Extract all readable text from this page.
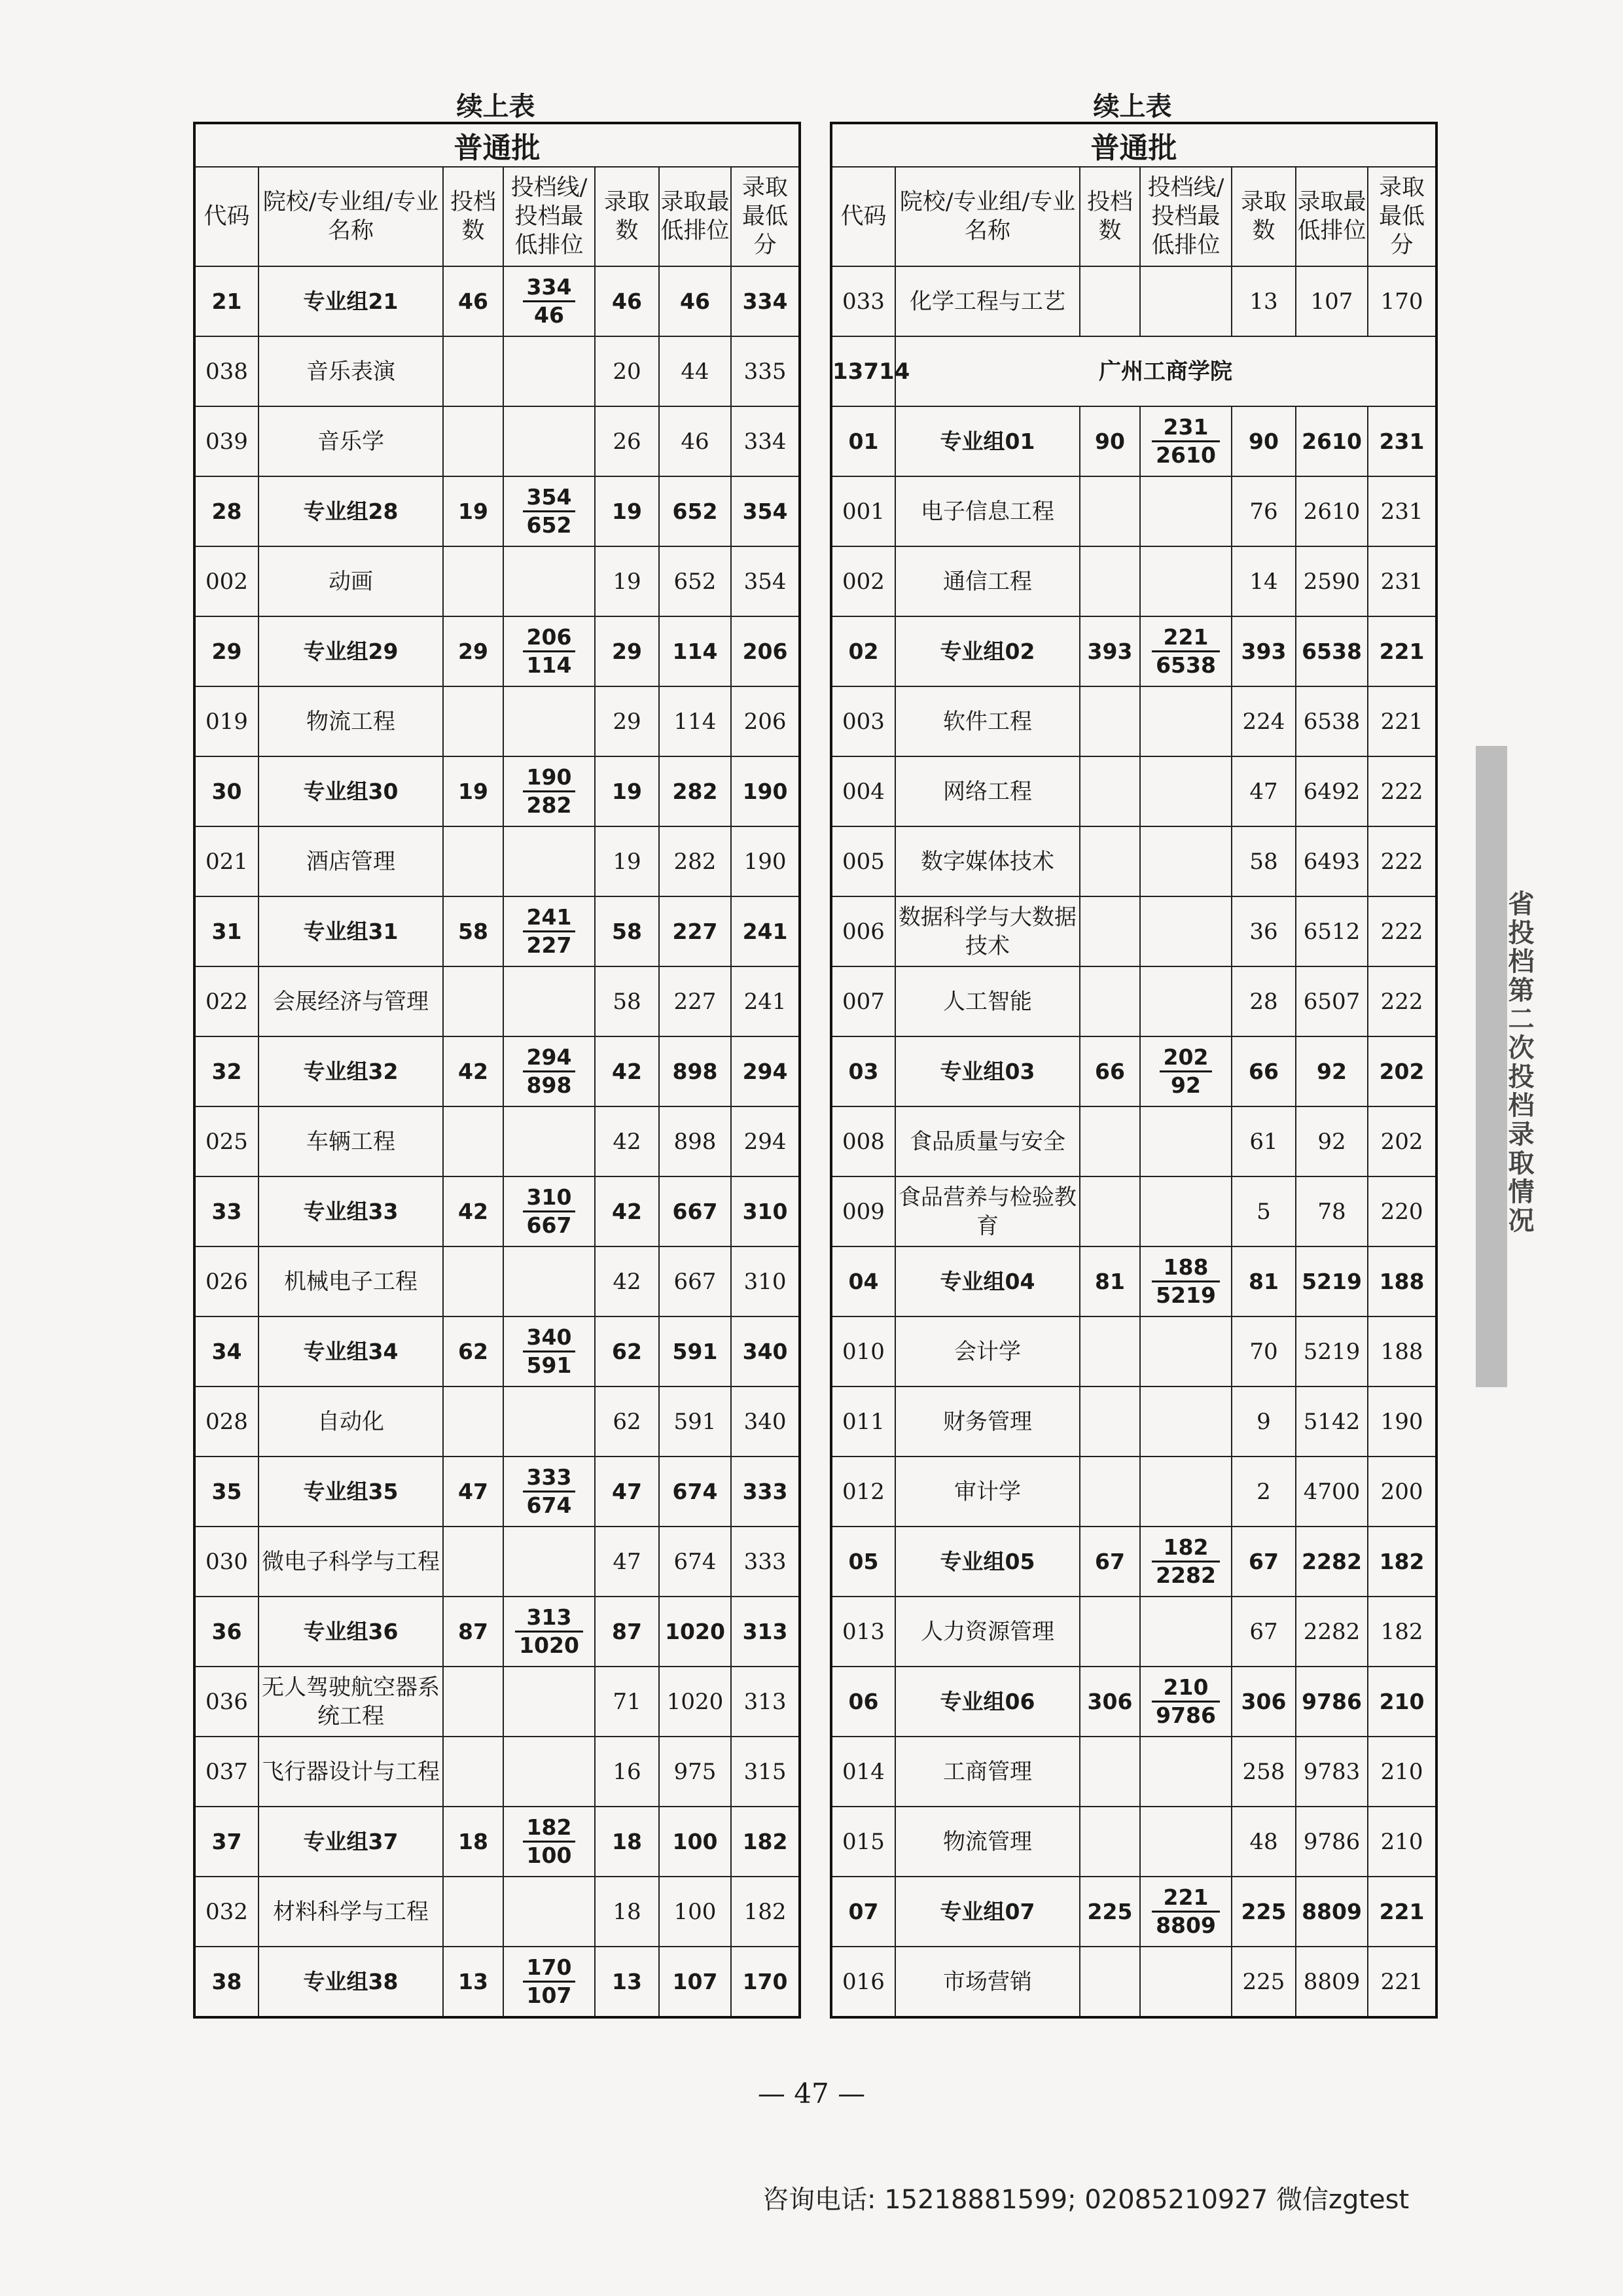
续上表
普通批						
代码	院校/专业组/专业名称	投档数	投档线/投档最低排位	录取数	录取最低排位	录取最低分
21	专业组21	46	$\frac{334}{46}$	46	46	334
038	音乐表演			20	44	335
039	音乐学			26	46	334
28	专业组28	19	$\frac{354}{652}$	19	652	354
002	动画			19	652	354
29	专业组29	29	$\frac{206}{114}$	29	114	206
019	物流工程			29	114	206
30	专业组30	19	$\frac{190}{282}$	19	282	190
021	酒店管理			19	282	190
31	专业组31	58	$\frac{241}{227}$	58	227	241
022	会展经济与管理			58	227	241
32	专业组32	42	$\frac{294}{898}$	42	898	294
025	车辆工程			42	898	294
33	专业组33	42	$\frac{310}{667}$	42	667	310
026	机械电子工程			42	667	310
34	专业组34	62	$\frac{340}{591}$	62	591	340
028	自动化			62	591	340
35	专业组35	47	$\frac{333}{674}$	47	674	333
030	微电子科学与工程			47	674	333
36	专业组36	87	$\frac{313}{1020}$	87	1020	313
036	无人驾驶航空器系统工程			71	1020	313
037	飞行器设计与工程			16	975	315
37	专业组37	18	$\frac{182}{100}$	18	100	182
032	材料科学与工程			18	100	182
38	专业组38	13	$\frac{170}{107}$	13	107	170
续上表
普通批						
代码	院校/专业组/专业名称	投档数	投档线/投档最低排位	录取数	录取最低排位	录取最低分
033	化学工程与工艺			13	107	170
13714	广州工商学院					
01	专业组01	90	$\frac{231}{2610}$	90	2610	231
001	电子信息工程			76	2610	231
002	通信工程			14	2590	231
02	专业组02	393	$\frac{221}{6538}$	393	6538	221
003	软件工程			224	6538	221
004	网络工程			47	6492	222
005	数字媒体技术			58	6493	222
006	数据科学与大数据技术			36	6512	222
007	人工智能			28	6507	222
03	专业组03	66	$\frac{202}{92}$	66	92	202
008	食品质量与安全			61	92	202
009	食品营养与检验教育			5	78	220
04	专业组04	81	$\frac{188}{5219}$	81	5219	188
010	会计学			70	5219	188
011	财务管理			9	5142	190
012	审计学			2	4700	200
05	专业组05	67	$\frac{182}{2282}$	67	2282	182
013	人力资源管理			67	2282	182
06	专业组06	306	$\frac{210}{9786}$	306	9786	210
014	工商管理			258	9783	210
015	物流管理			48	9786	210
07	专业组07	225	$\frac{221}{8809}$	225	8809	221
016	市场营销			225	8809	221
省投档第二次投档录取情况
— 47 —
咨询电话: 15218881599; 02085210927 微信zgtest
